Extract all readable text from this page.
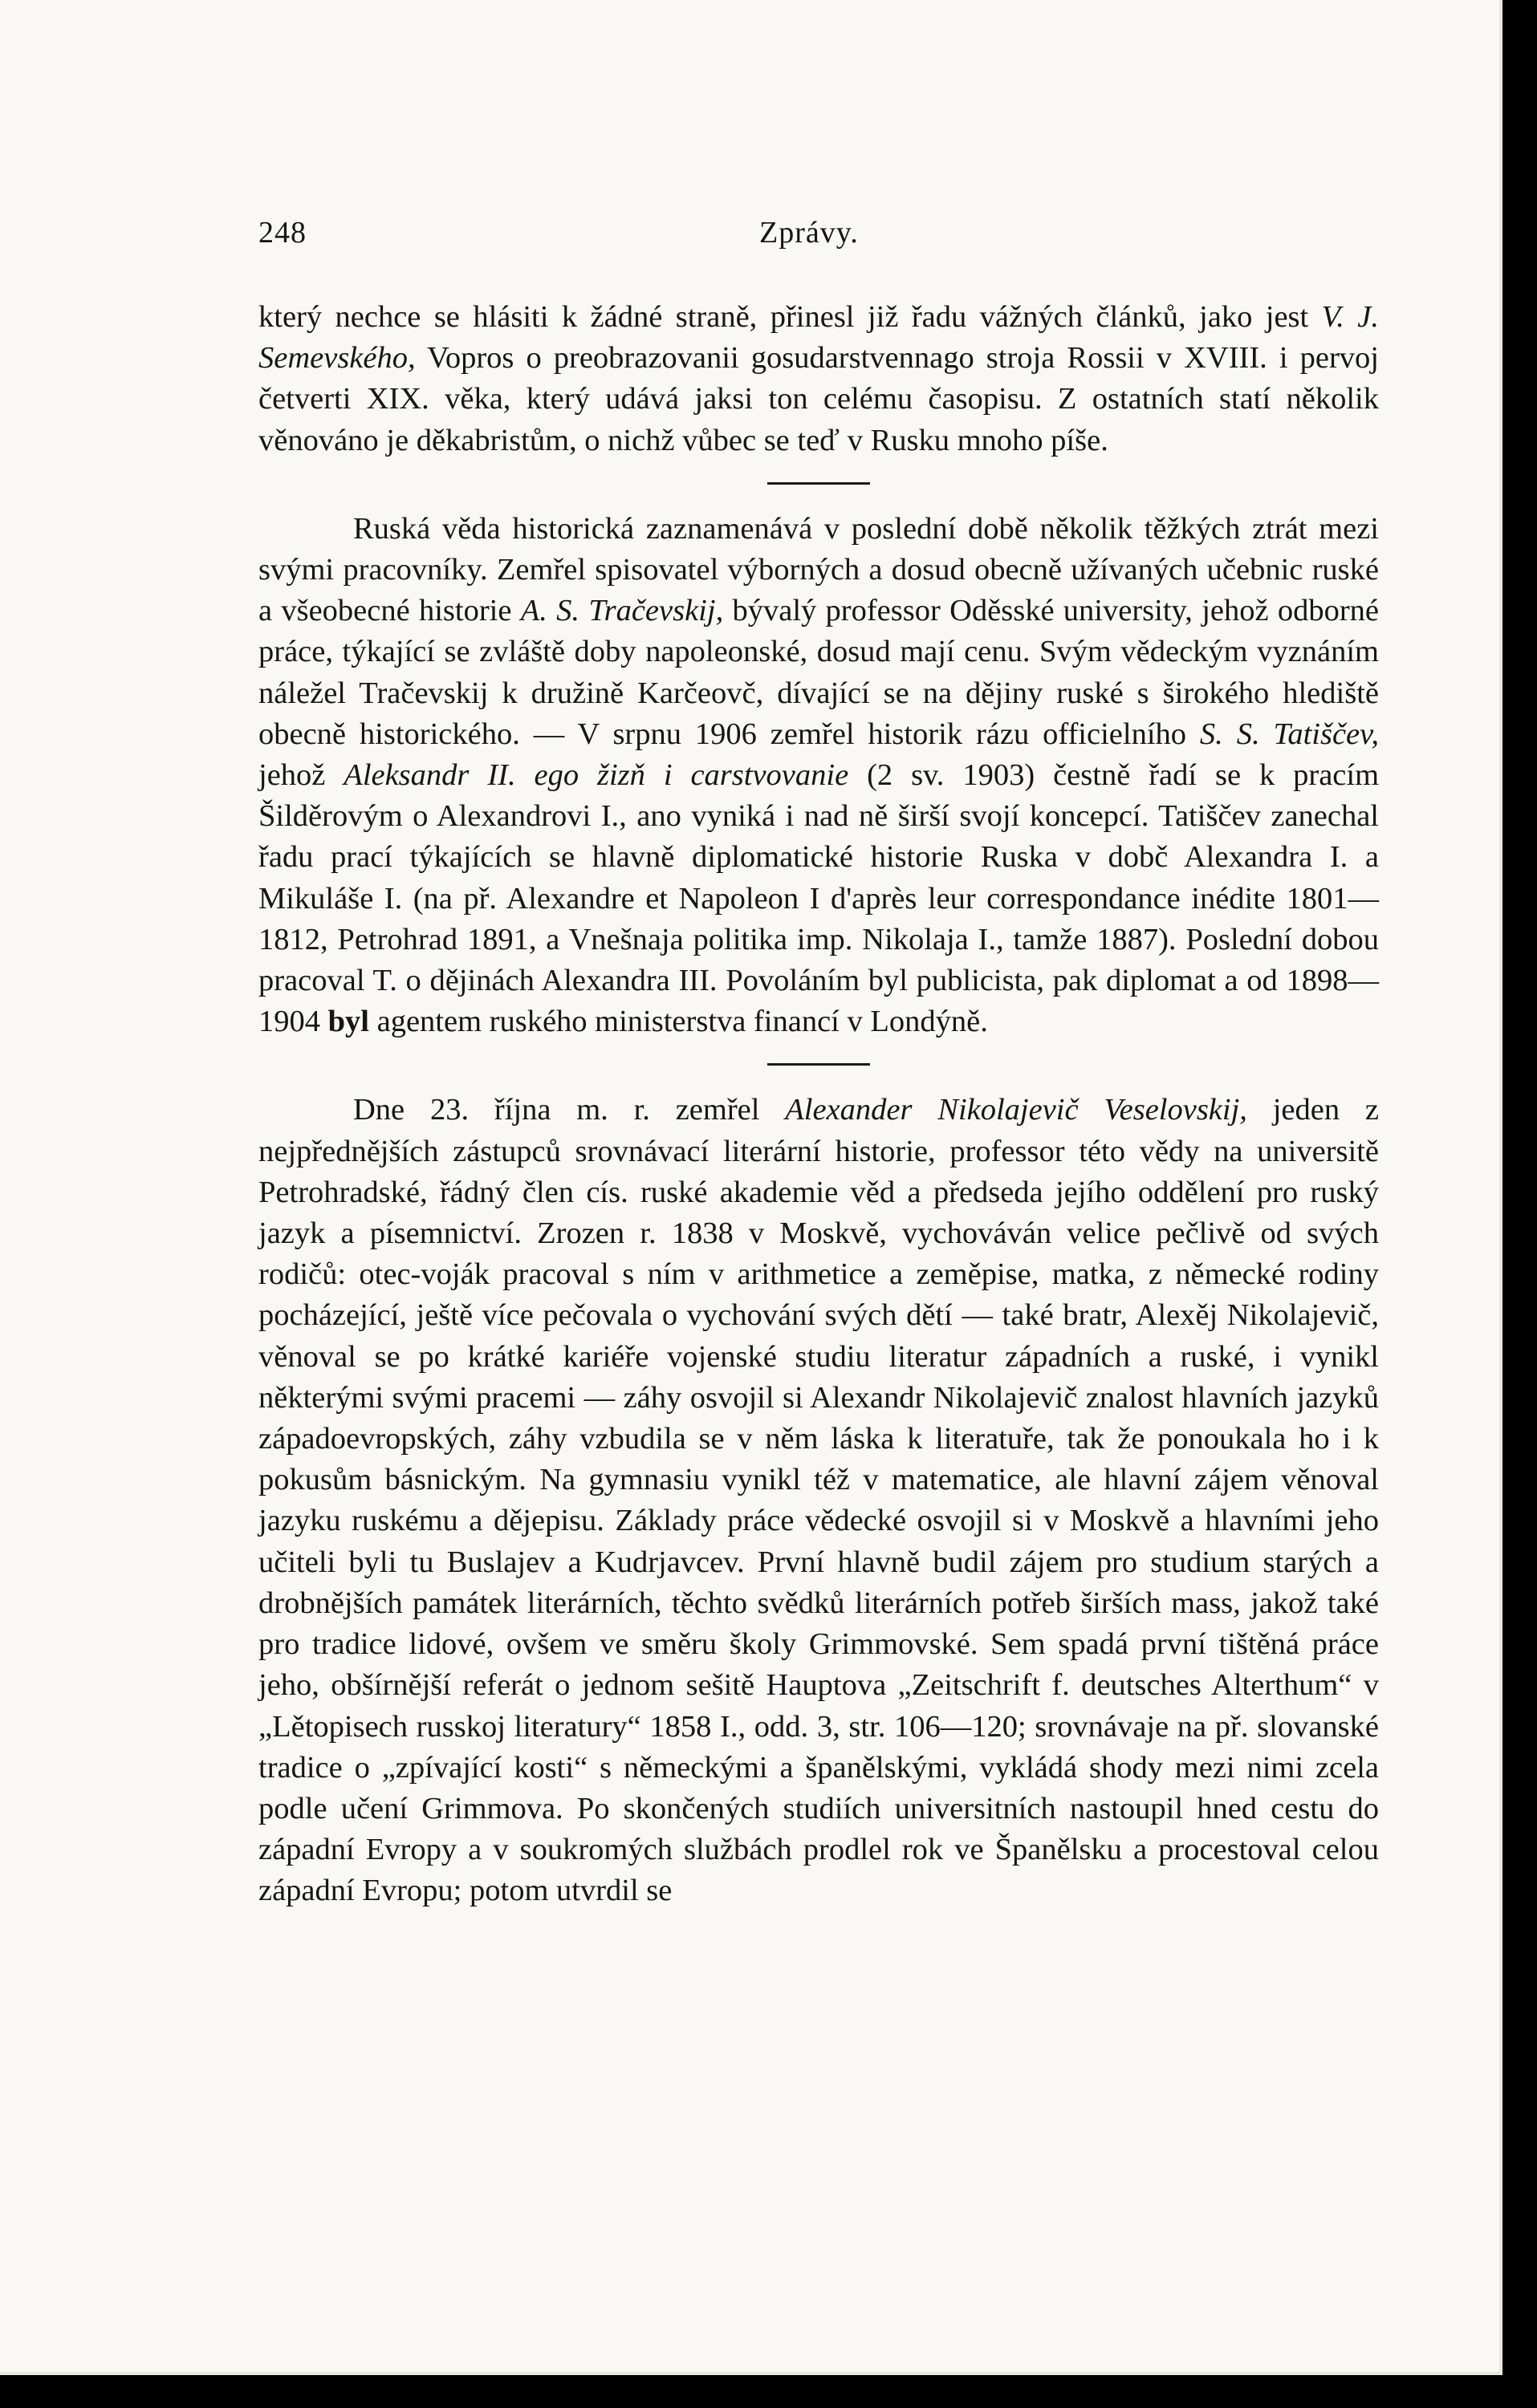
248	Zprávy.

který nechce se hlásiti k žádné straně, přinesl již řadu vážných článků, jako jest V. J. Semevského, Vopros o preobrazovanii gosudarstvennago stroja Rossii v XVIII. i pervoj četverti XIX. věka, který udává jaksi ton celému časopisu. Z ostatních statí několik věnováno je děkabristům, o nichž vůbec se teď v Rusku mnoho píše.

Ruská věda historická zaznamenává v poslední době několik těžkých ztrát mezi svými pracovníky. Zemřel spisovatel výborných a dosud obecně užívaných učebnic ruské a všeobecné historie A. S. Tračevskij, bývalý professor Oděsské university, jehož odborné práce, týkající se zvláště doby napoleonské, dosud mají cenu. Svým vědeckým vyznáním náležel Tračevskij k družině Karčeovč, dívající se na dějiny ruské s širokého hlediště obecně historického. — V srpnu 1906 zemřel historik rázu officielního S. S. Tatiščev, jehož Aleksandr II. ego žizň i carstvovanie (2 sv. 1903) čestně řadí se k pracím Šilděrovým o Alexandrovi I., ano vyniká i nad ně širší svojí koncepcí. Tatiščev zanechal řadu prací týkajících se hlavně diplomatické historie Ruska v dobč Alexandra I. a Mikuláše I. (na př. Alexandre et Napoleon I d'après leur correspondance inédite 1801—1812, Petrohrad 1891, a Vnešnaja politika imp. Nikolaja I., tamže 1887). Poslední dobou pracoval T. o dějinách Alexandra III. Povoláním byl publicista, pak diplomat a od 1898—1904 byl agentem ruského ministerstva financí v Londýně.

Dne 23. října m. r. zemřel Alexander Nikolajevič Veselovskij, jeden z nejpřednějších zástupců srovnávací literární historie, professor této vědy na universitě Petrohradské, řádný člen cís. ruské akademie věd a předseda jejího oddělení pro ruský jazyk a písemnictví. Zrozen r. 1838 v Moskvě, vychováván velice pečlivě od svých rodičů: otec-voják pracoval s ním v arithmetice a zeměpise, matka, z německé rodiny pocházející, ještě více pečovala o vychování svých dětí — také bratr, Alexěj Nikolajevič, věnoval se po krátké kariéře vojenské studiu literatur západních a ruské, i vynikl některými svými pracemi — záhy osvojil si Alexandr Nikolajevič znalost hlavních jazyků západoevropských, záhy vzbudila se v něm láska k literatuře, tak že ponoukala ho i k pokusům básnickým. Na gymnasiu vynikl též v matematice, ale hlavní zájem věnoval jazyku ruskému a dějepisu. Základy práce vědecké osvojil si v Moskvě a hlavními jeho učiteli byli tu Buslajev a Kudrjavcev. První hlavně budil zájem pro studium starých a drobnějších památek literárních, těchto svědků literárních potřeb širších mass, jakož také pro tradice lidové, ovšem ve směru školy Grimmovské. Sem spadá první tištěná práce jeho, obšírnější referát o jednom sešitě Hauptova „Zeitschrift f. deutsches Alterthum“ v „Lětopisech russkoj literatury“ 1858 I., odd. 3, str. 106—120; srovnávaje na př. slovanské tradice o „zpívající kosti“ s německými a španělskými, vykládá shody mezi nimi zcela podle učení Grimmova. Po skončených studiích universitních nastoupil hned cestu do západní Evropy a v soukromých službách prodlel rok ve Španělsku a procestoval celou západní Evropu; potom utvrdil se
